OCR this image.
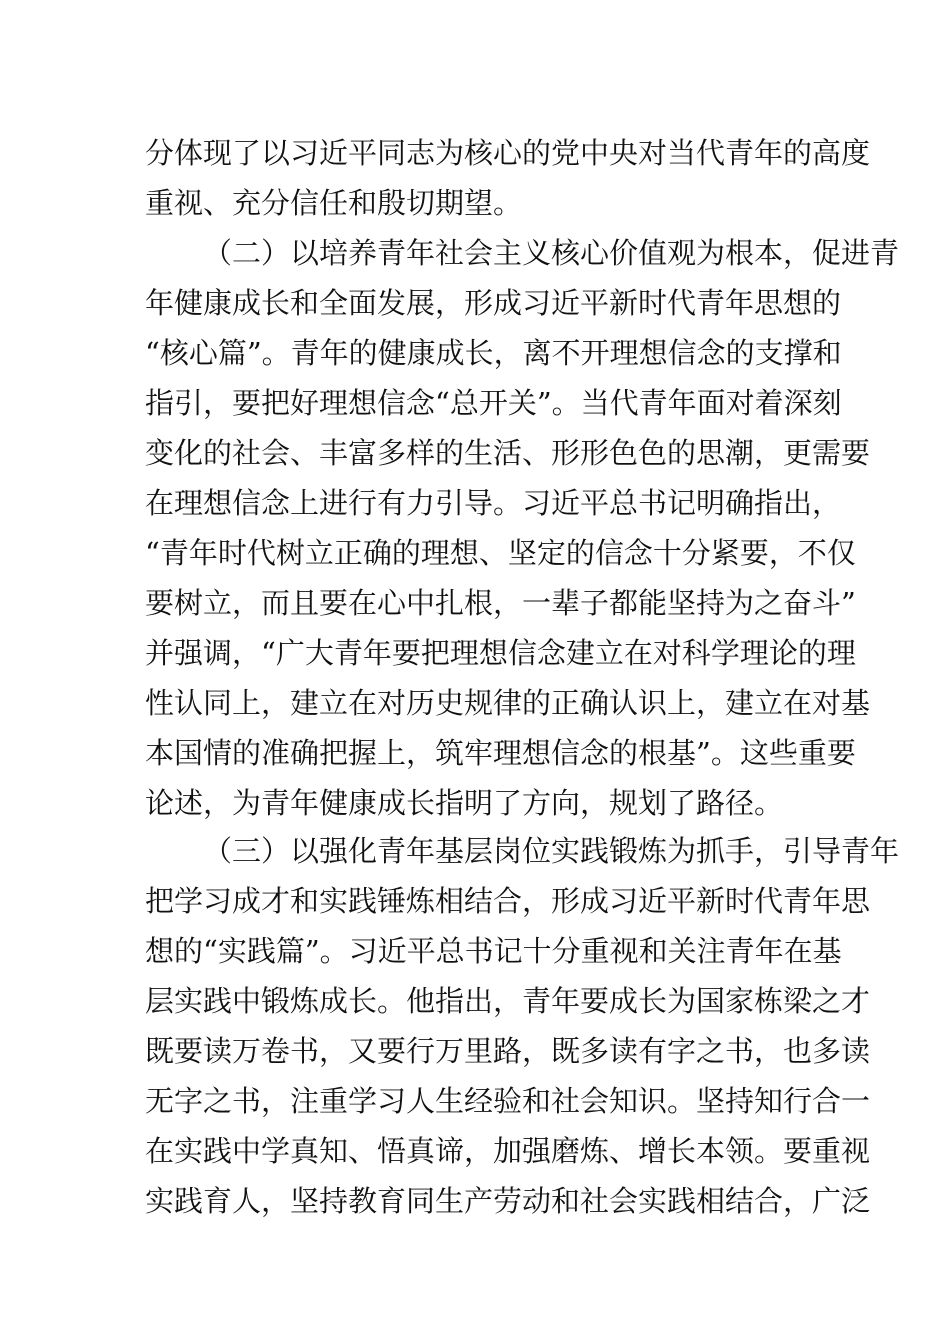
分体现了以习近平同志为核心的党中央对当代青年的高度
重视、充分信任和殷切期望。
（二）以培养青年社会主义核心价值观为根本，促进青
年健康成长和全面发展，形成习近平新时代青年思想的
“核心篇”。青年的健康成长，离不开理想信念的支撑和
指引，要把好理想信念“总开关”。当代青年面对着深刻
变化的社会、丰富多样的生活、形形色色的思潮，更需要
在理想信念上进行有力引导。习近平总书记明确指出，
“青年时代树立正确的理想、坚定的信念十分紧要，不仅
要树立，而且要在心中扎根，一辈子都能坚持为之奋斗”
并强调，“广大青年要把理想信念建立在对科学理论的理
性认同上，建立在对历史规律的正确认识上，建立在对基
本国情的准确把握上，筑牢理想信念的根基”。这些重要
论述，为青年健康成长指明了方向，规划了路径。
（三）以强化青年基层岗位实践锻炼为抓手，引导青年
把学习成才和实践锤炼相结合，形成习近平新时代青年思
想的“实践篇”。习近平总书记十分重视和关注青年在基
层实践中锻炼成长。他指出，青年要成长为国家栋梁之才
既要读万卷书，又要行万里路，既多读有字之书，也多读
无字之书，注重学习人生经验和社会知识。坚持知行合一
在实践中学真知、悟真谛，加强磨炼、增长本领。要重视
实践育人，坚持教育同生产劳动和社会实践相结合，广泛
